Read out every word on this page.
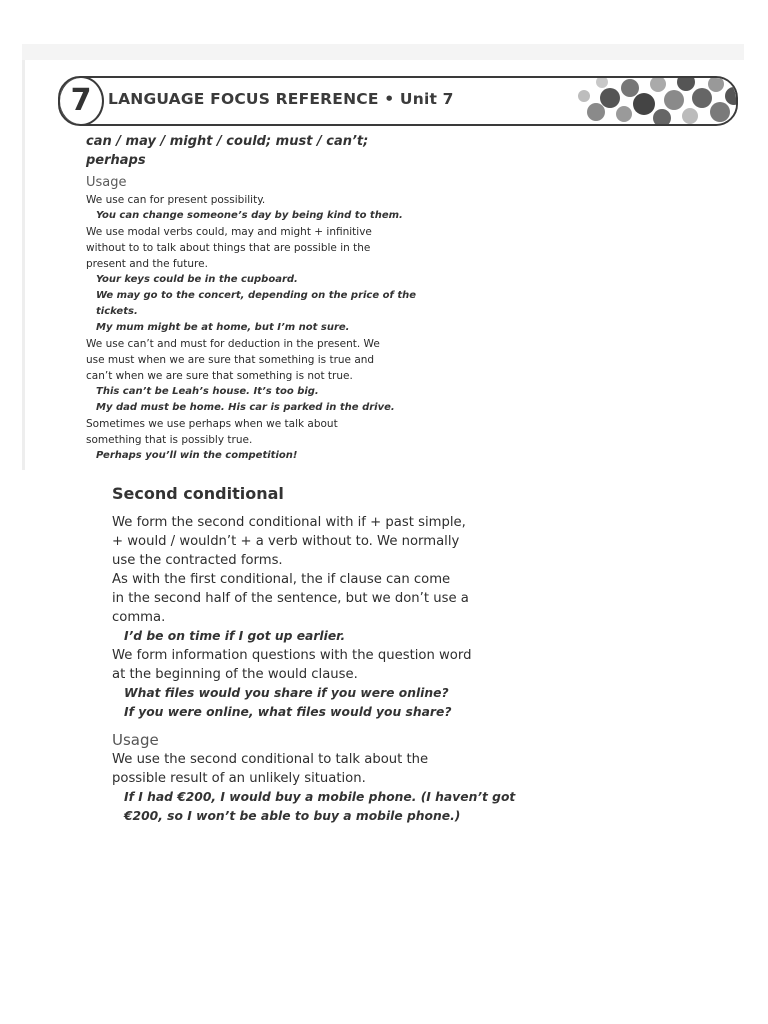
7 LANGUAGE FOCUS REFERENCE • Unit 7
can / may / might / could; must / can’t;
perhaps
Usage
We use can for present possibility.
You can change someone’s day by being kind to them.
We use modal verbs could, may and might + infinitive
without to to talk about things that are possible in the
present and the future.
Your keys could be in the cupboard.
We may go to the concert, depending on the price of the
tickets.
My mum might be at home, but I’m not sure.
We use can’t and must for deduction in the present. We
use must when we are sure that something is true and
can’t when we are sure that something is not true.
This can’t be Leah’s house. It’s too big.
My dad must be home. His car is parked in the drive.
Sometimes we use perhaps when we talk about
something that is possibly true.
Perhaps you’ll win the competition!
Second conditional
We form the second conditional with if + past simple,
+ would / wouldn’t + a verb without to. We normally
use the contracted forms.
As with the first conditional, the if clause can come
in the second half of the sentence, but we don’t use a
comma.
I’d be on time if I got up earlier.
We form information questions with the question word
at the beginning of the would clause.
What files would you share if you were online?
If you were online, what files would you share?
Usage
We use the second conditional to talk about the
possible result of an unlikely situation.
If I had €200, I would buy a mobile phone. (I haven’t got
€200, so I won’t be able to buy a mobile phone.)
